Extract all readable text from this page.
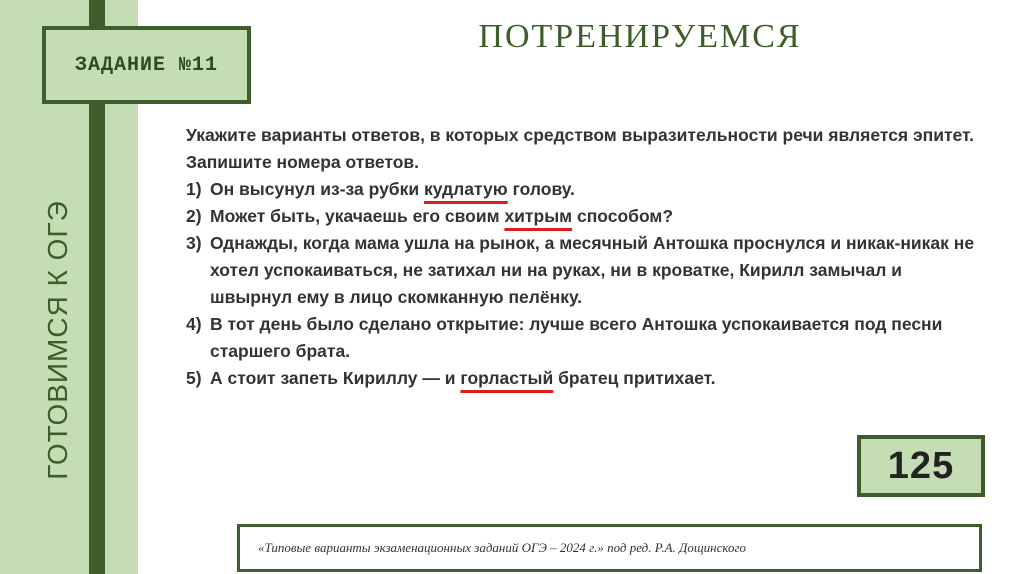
ГОТОВИМСЯ К ОГЭ
ЗАДАНИЕ №11
ПОТРЕНИРУЕМСЯ

Укажите варианты ответов, в которых средством выразительности речи является эпитет.

Запишите номера ответов.

1) Он высунул из-за рубки кудлатую голову.
2) Может быть, укачаешь его своим хитрым способом?
3) Однажды, когда мама ушла на рынок, а месячный Антошка проснулся и никак-никак не хотел успокаиваться, не затихал ни на руках, ни в кроватке, Кирилл замычал и швырнул ему в лицо скомканную пелёнку.
4) В тот день было сделано открытие: лучше всего Антошка успокаивается под песни старшего брата.
5) А стоит запеть Кириллу — и горластый братец притихает.
125
«Типовые варианты экзаменационных заданий ОГЭ – 2024 г.» под ред. Р.А. Дощинского
